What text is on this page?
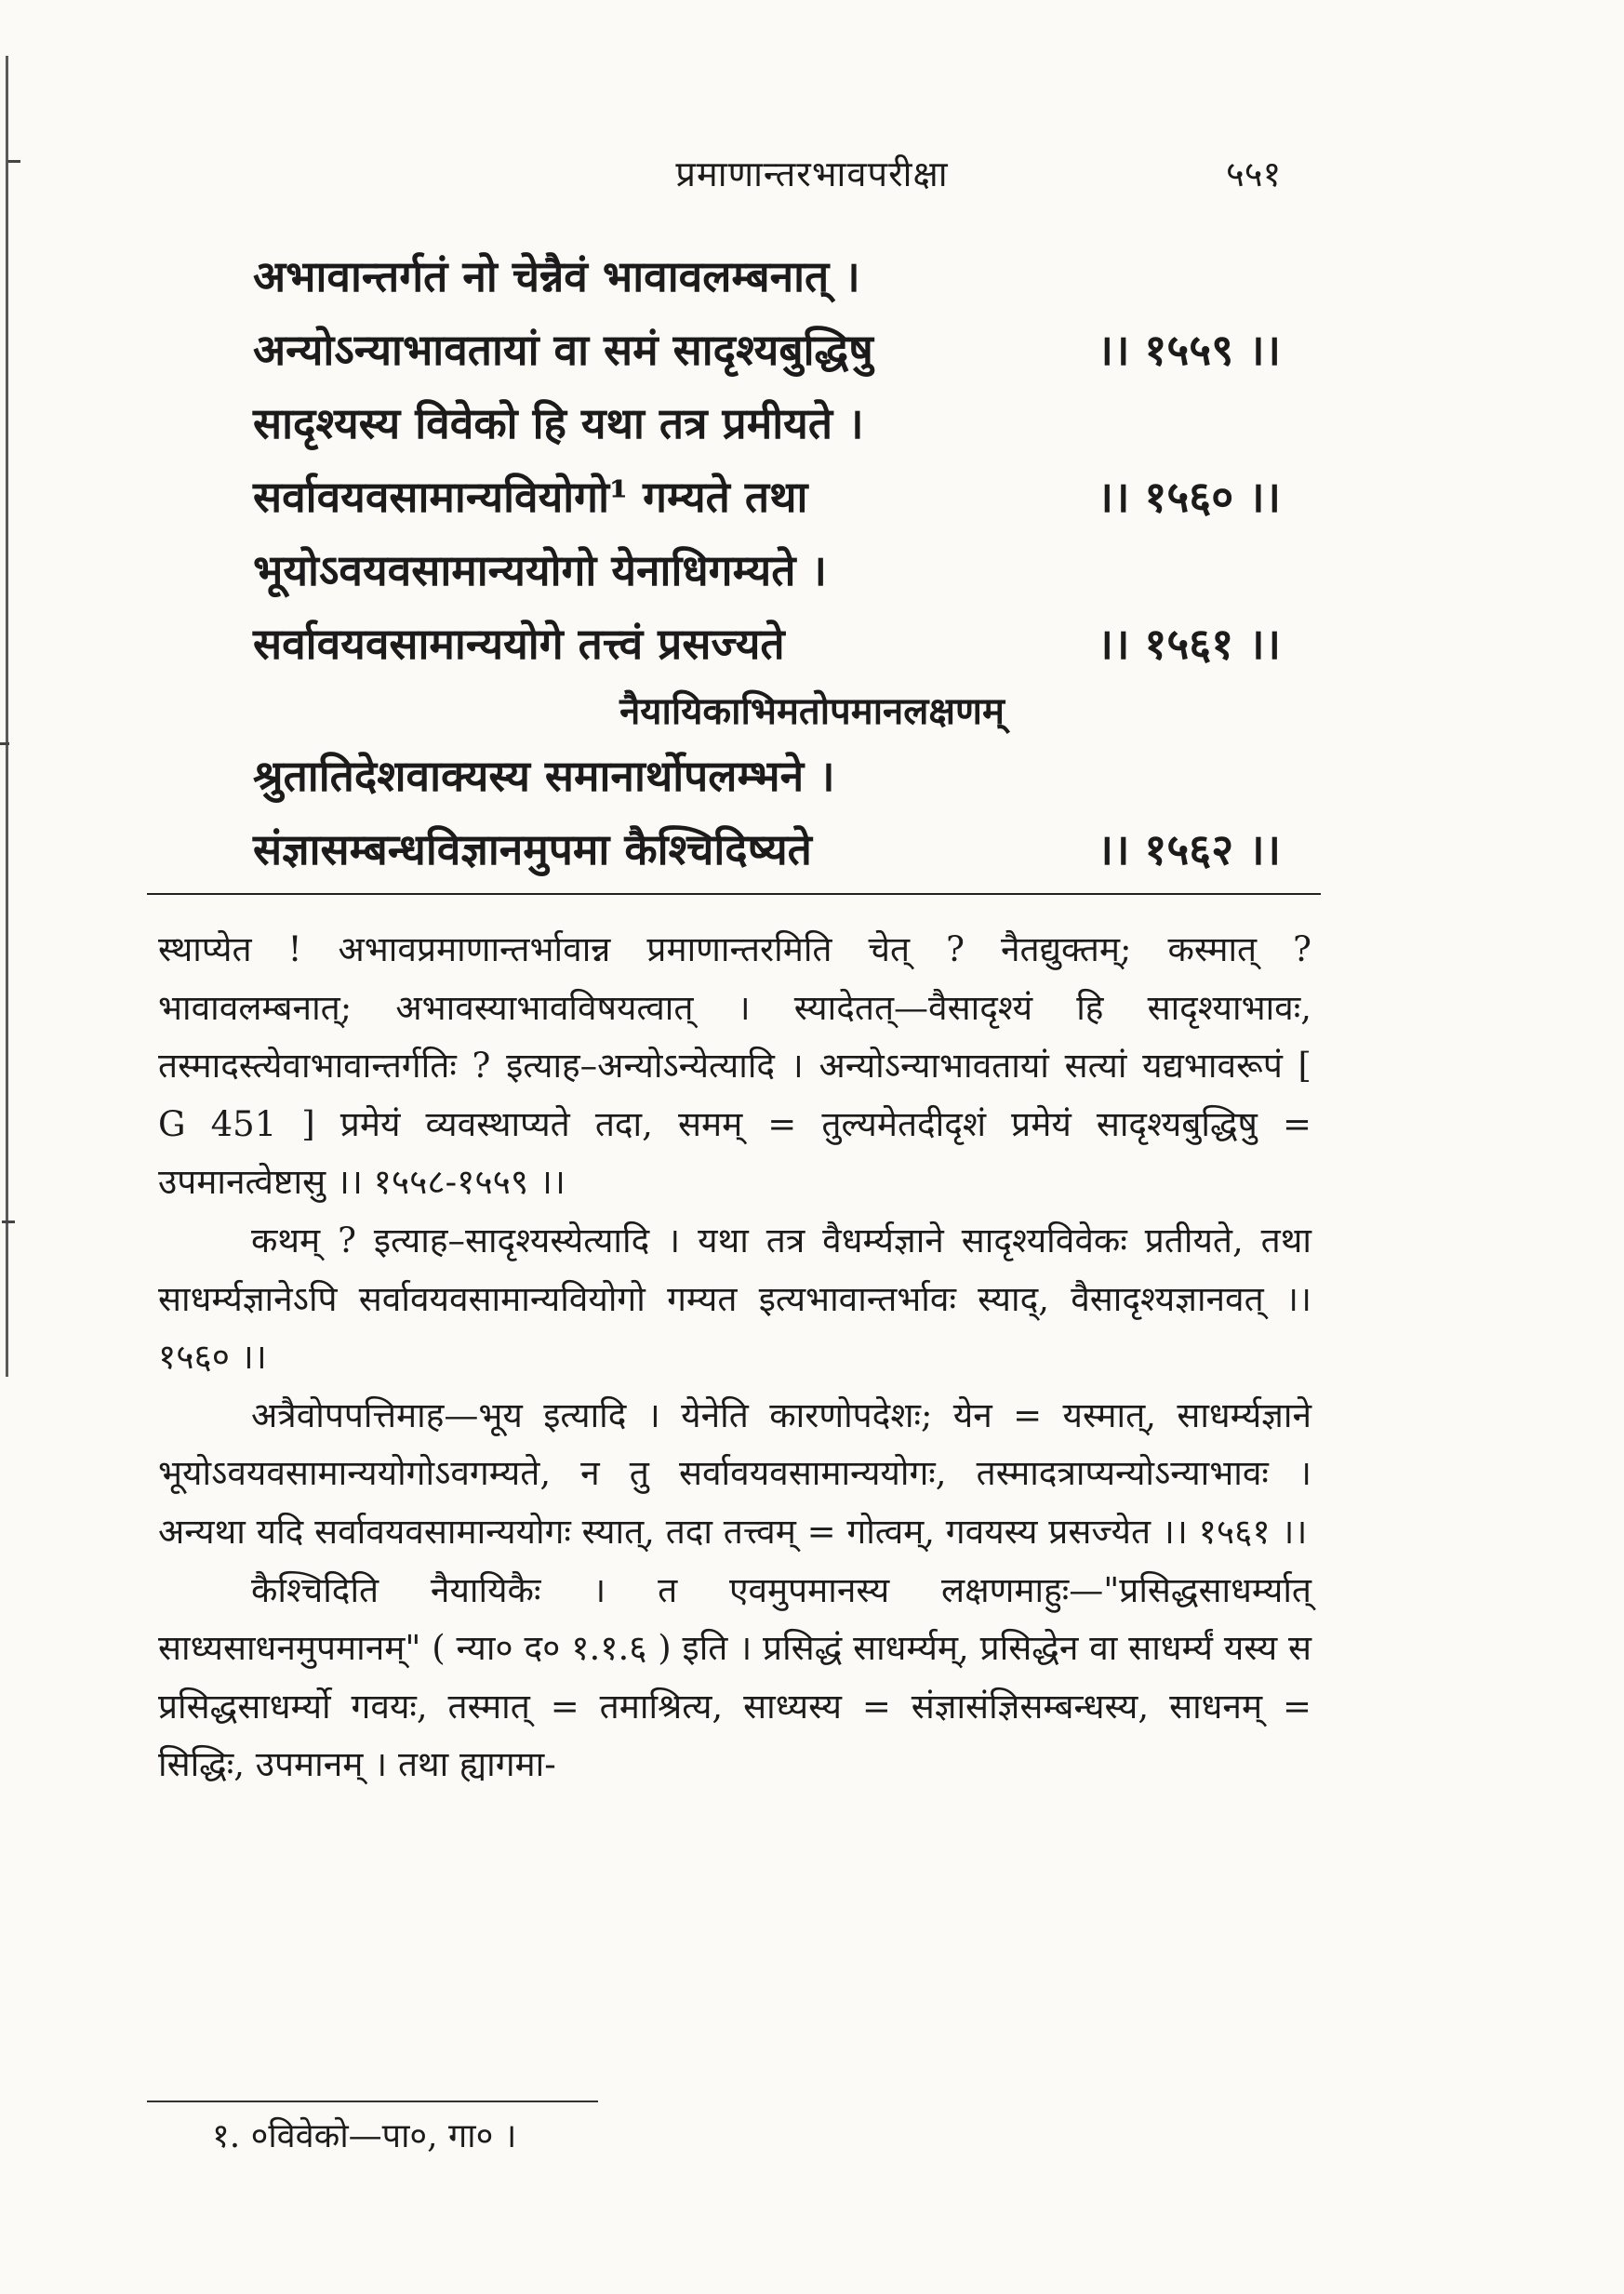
प्रमाणान्तरभावपरीक्षा	५५१
अभावान्तर्गतं नो चेन्नैवं भावावलम्बनात् ।
अन्योऽन्याभावतायां वा समं सादृश्यबुद्धिषु	।। १५५९ ।।
सादृश्यस्य विवेको हि यथा तत्र प्रमीयते ।
सर्वावयवसामान्यवियोगो¹ गम्यते तथा	।। १५६० ।।
भूयोऽवयवसामान्ययोगो येनाधिगम्यते ।
सर्वावयवसामान्ययोगे तत्त्वं प्रसज्यते	।। १५६१ ।।
नैयायिकाभिमतोपमानलक्षणम्
श्रुतातिदेशवाक्यस्य समानार्थोपलम्भने ।
संज्ञासम्बन्धविज्ञानमुपमा कैश्चिदिष्यते	।। १५६२ ।।

स्थाप्येत ! अभावप्रमाणान्तर्भावान्न प्रमाणान्तरमिति चेत् ? नैतद्युक्तम्; कस्मात् ? भावावलम्बनात्; अभावस्याभावविषयत्वात् । स्यादेतत्—वैसादृश्यं हि सादृश्याभावः, तस्मादस्त्येवाभावान्तर्गतिः ? इत्याह–अन्योऽन्येत्यादि । अन्योऽन्याभावतायां सत्यां यद्यभावरूपं [ G 451 ] प्रमेयं व्यवस्थाप्यते तदा, समम् = तुल्यमेतदीदृशं प्रमेयं सादृश्यबुद्धिषु = उपमानत्वेष्टासु ।। १५५८-१५५९ ।।

कथम् ? इत्याह–सादृश्यस्येत्यादि । यथा तत्र वैधर्म्यज्ञाने सादृश्यविवेकः प्रतीयते, तथा साधर्म्यज्ञानेऽपि सर्वावयवसामान्यवियोगो गम्यत इत्यभावान्तर्भावः स्याद्, वैसादृश्यज्ञानवत् ।। १५६० ।।

अत्रैवोपपत्तिमाह—भूय इत्यादि । येनेति कारणोपदेशः; येन = यस्मात्, साधर्म्यज्ञाने भूयोऽवयवसामान्ययोगोऽवगम्यते, न तु सर्वावयवसामान्ययोगः, तस्मादत्राप्यन्योऽन्याभावः । अन्यथा यदि सर्वावयवसामान्ययोगः स्यात्, तदा तत्त्वम् = गोत्वम्, गवयस्य प्रसज्येत ।। १५६१ ।।

कैश्चिदिति नैयायिकैः । त एवमुपमानस्य लक्षणमाहुः—"प्रसिद्धसाधर्म्यात् साध्यसाधनमुपमानम्" ( न्या० द० १.१.६ ) इति । प्रसिद्धं साधर्म्यम्, प्रसिद्धेन वा साधर्म्यं यस्य स प्रसिद्धसाधर्म्यो गवयः, तस्मात् = तमाश्रित्य, साध्यस्य = संज्ञासंज्ञिसम्बन्धस्य, साधनम् = सिद्धिः, उपमानम् । तथा ह्यागमा-

१. ०विवेको—पा०, गा० ।
